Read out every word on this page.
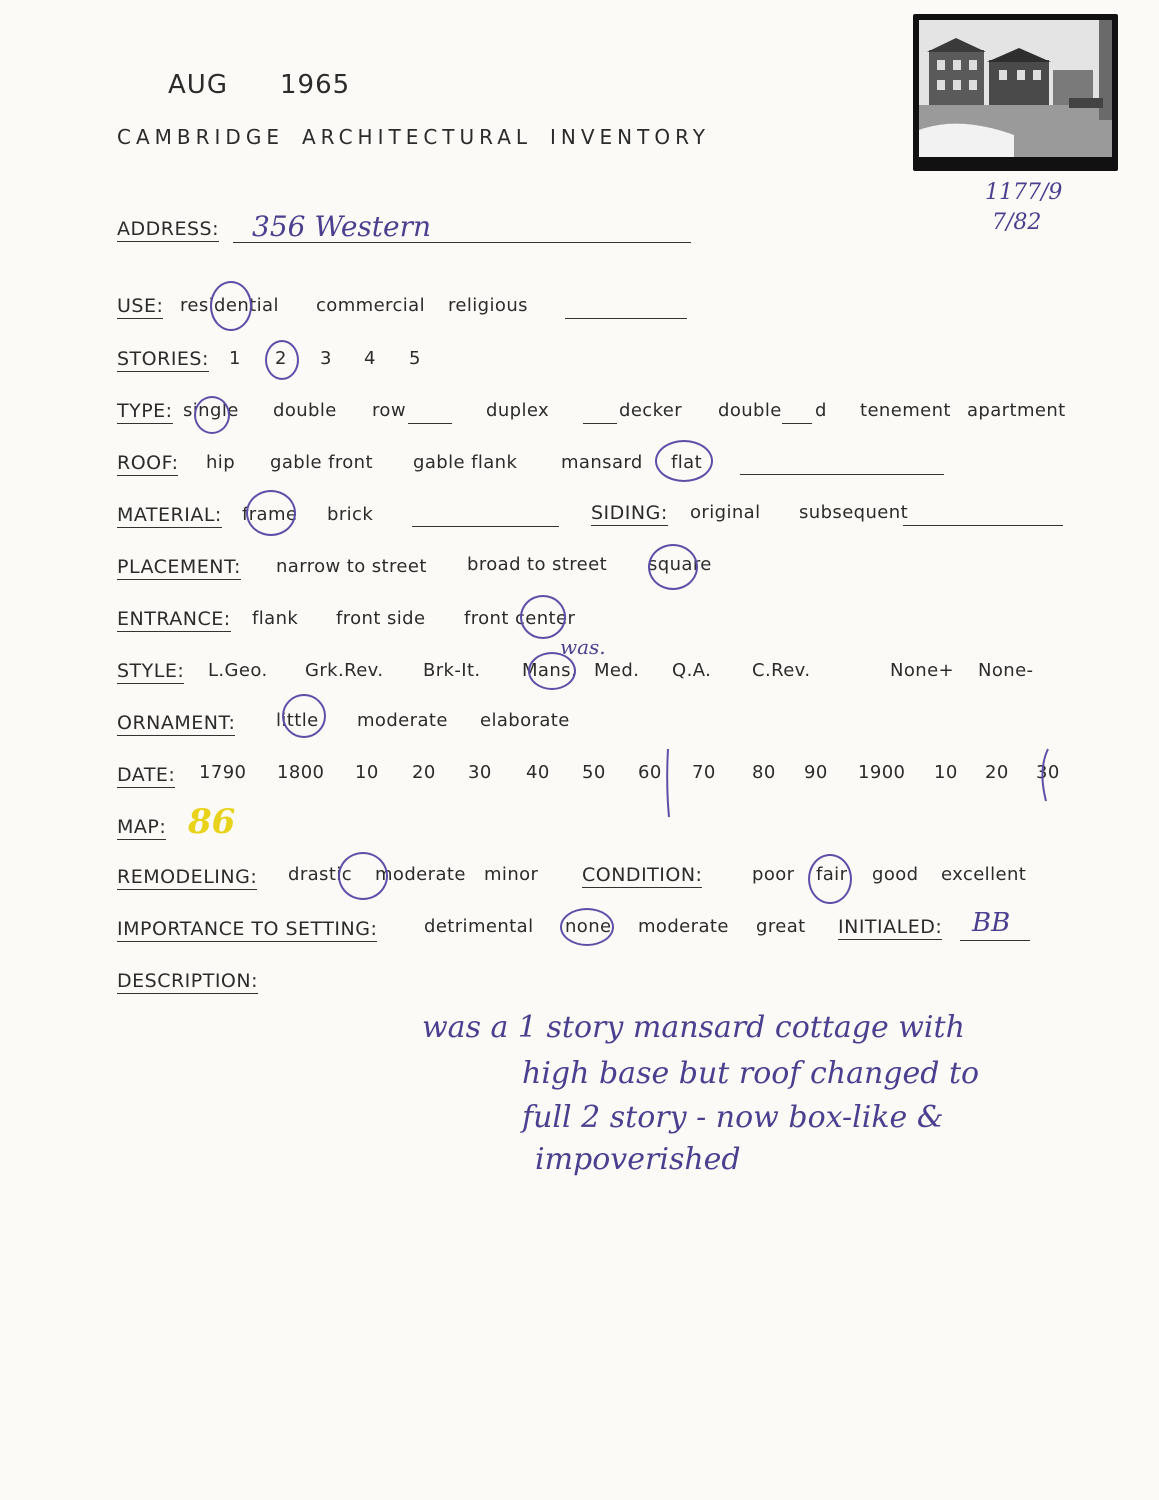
AUG 1965
CAMBRIDGE ARCHITECTURAL INVENTORY
1177/9
7/82
ADDRESS: 356 Western
USE: residential commercial religious
STORIES: 1 2 3 4 5
TYPE: single double row	duplex	decker double d tenement apartment
ROOF: hip gable front gable flank mansard flat
MATERIAL: frame brick	SIDING: original subsequent
PLACEMENT: narrow to street broad to street square
ENTRANCE: flank front side front center
STYLE: L.Geo. Grk.Rev. Brk-It. Mans. Med. Q.A. C.Rev.	None+ None-
was.
ORNAMENT: little moderate elaborate
DATE: 1790 1800 10 20 30 40 50 60 70 80 90 1900 10 20 30
MAP: 86
REMODELING: drastic moderate minor CONDITION:	poor fair good excellent
IMPORTANCE TO SETTING:	detrimental none moderate great INITIALED: BB
DESCRIPTION:
was a 1 story mansard cottage with
high base but roof changed to
full 2 story - now box-like &
impoverished
